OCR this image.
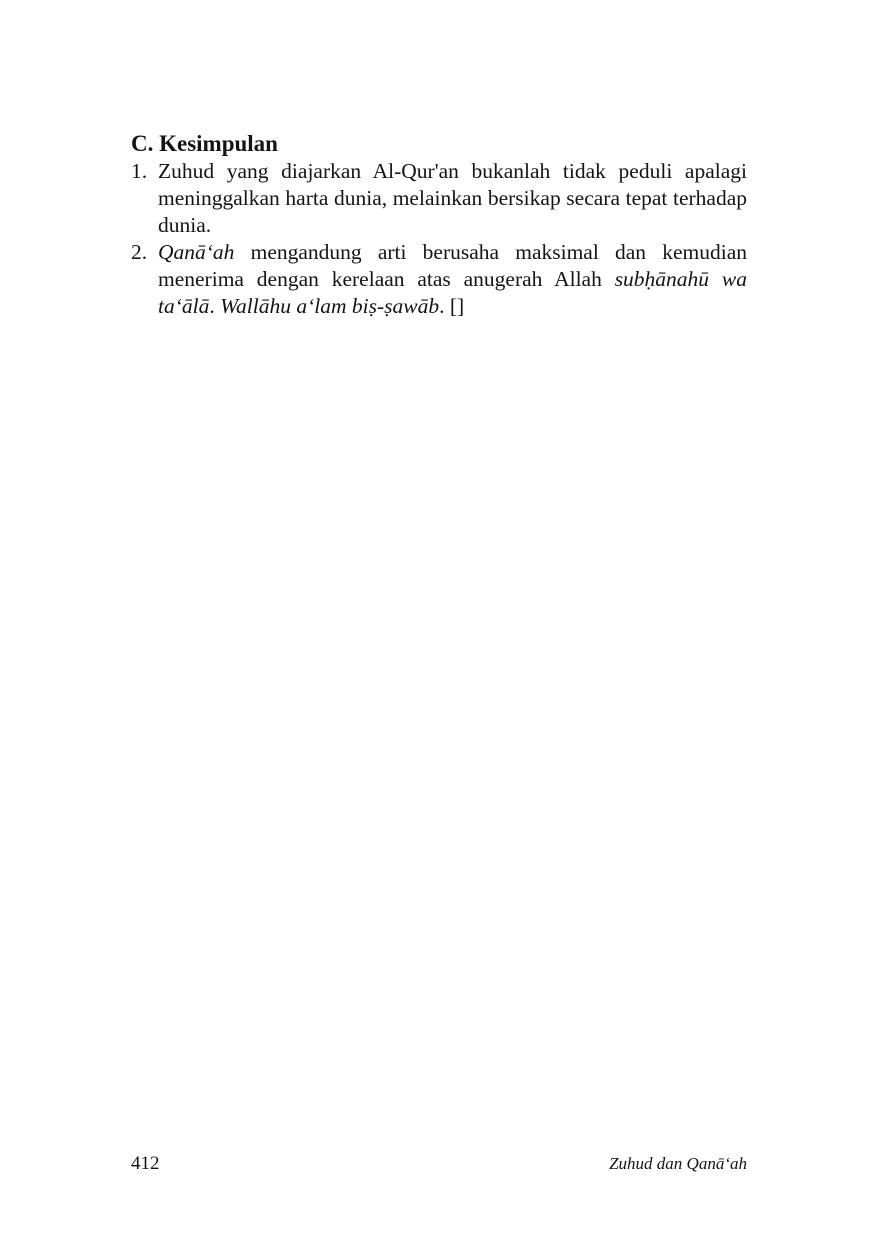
C. Kesimpulan
1. Zuhud yang diajarkan Al-Qur'an bukanlah tidak peduli apalagi meninggalkan harta dunia, melainkan bersikap secara tepat terhadap dunia.
2. Qanā‘ah mengandung arti berusaha maksimal dan kemudian menerima dengan kerelaan atas anugerah Allah subḥānahū wa ta‘ālā. Wallāhu a‘lam biṣ-ṣawāb. []
412	Zuhud dan Qanā‘ah
